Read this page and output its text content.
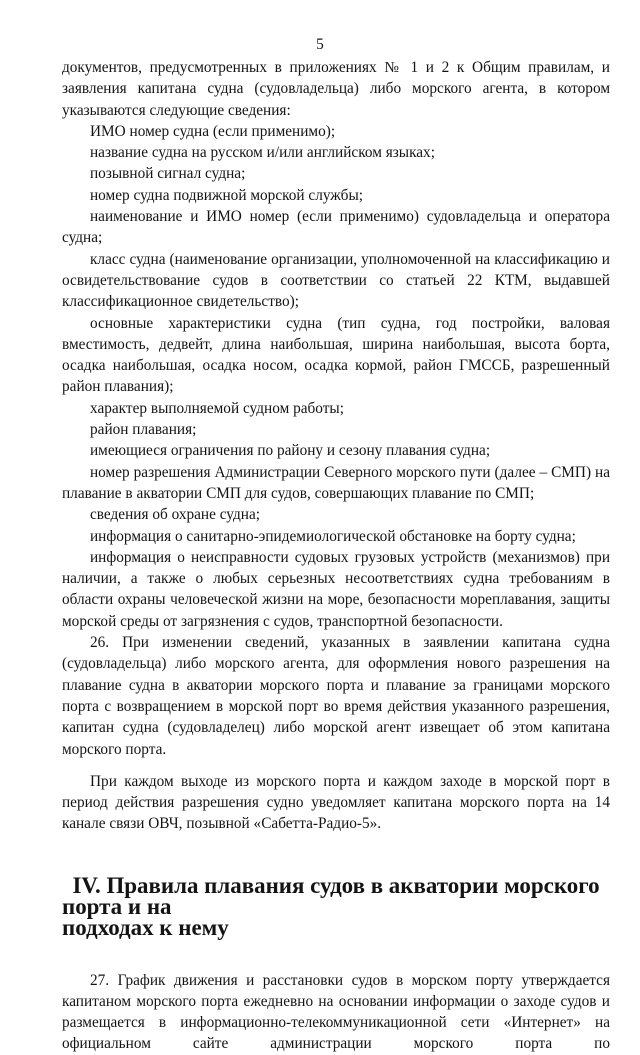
5

документов, предусмотренных в приложениях № 1 и 2 к Общим правилам, и заявления капитана судна (судовладельца) либо морского агента, в котором указываются следующие сведения:

ИМО номер судна (если применимо);

название судна на русском и/или английском языках;

позывной сигнал судна;

номер судна подвижной морской службы;

наименование и ИМО номер (если применимо) судовладельца и оператора судна;

класс судна (наименование организации, уполномоченной на классификацию и освидетельствование судов в соответствии со статьей 22 КТМ, выдавшей классификационное свидетельство);

основные характеристики судна (тип судна, год постройки, валовая вместимость, дедвейт, длина наибольшая, ширина наибольшая, высота борта, осадка наибольшая, осадка носом, осадка кормой, район ГМССБ, разрешенный район плавания);

характер выполняемой судном работы;

район плавания;

имеющиеся ограничения по району и сезону плавания судна;

номер разрешения Администрации Северного морского пути (далее – СМП) на плавание в акватории СМП для судов, совершающих плавание по СМП;

сведения об охране судна;

информация о санитарно-эпидемиологической обстановке на борту судна;

информация о неисправности судовых грузовых устройств (механизмов) при наличии, а также о любых серьезных несоответствиях судна требованиям в области охраны человеческой жизни на море, безопасности мореплавания, защиты морской среды от загрязнения с судов, транспортной безопасности.

26. При изменении сведений, указанных в заявлении капитана судна (судовладельца) либо морского агента, для оформления нового разрешения на плавание судна в акватории морского порта и плавание за границами морского порта с возвращением в морской порт во время действия указанного разрешения, капитан судна (судовладелец) либо морской агент извещает об этом капитана морского порта.

При каждом выходе из морского порта и каждом заходе в морской порт в период действия разрешения судно уведомляет капитана морского порта на 14 канале связи ОВЧ, позывной «Сабетта-Радио-5».

IV. Правила плавания судов в акватории морского порта и на
подходах к нему

27. График движения и расстановки судов в морском порту утверждается капитаном морского порта ежедневно на основании информации о заходе судов и размещается в информационно-телекоммуникационной сети «Интернет» на официальном сайте администрации морского порта по
